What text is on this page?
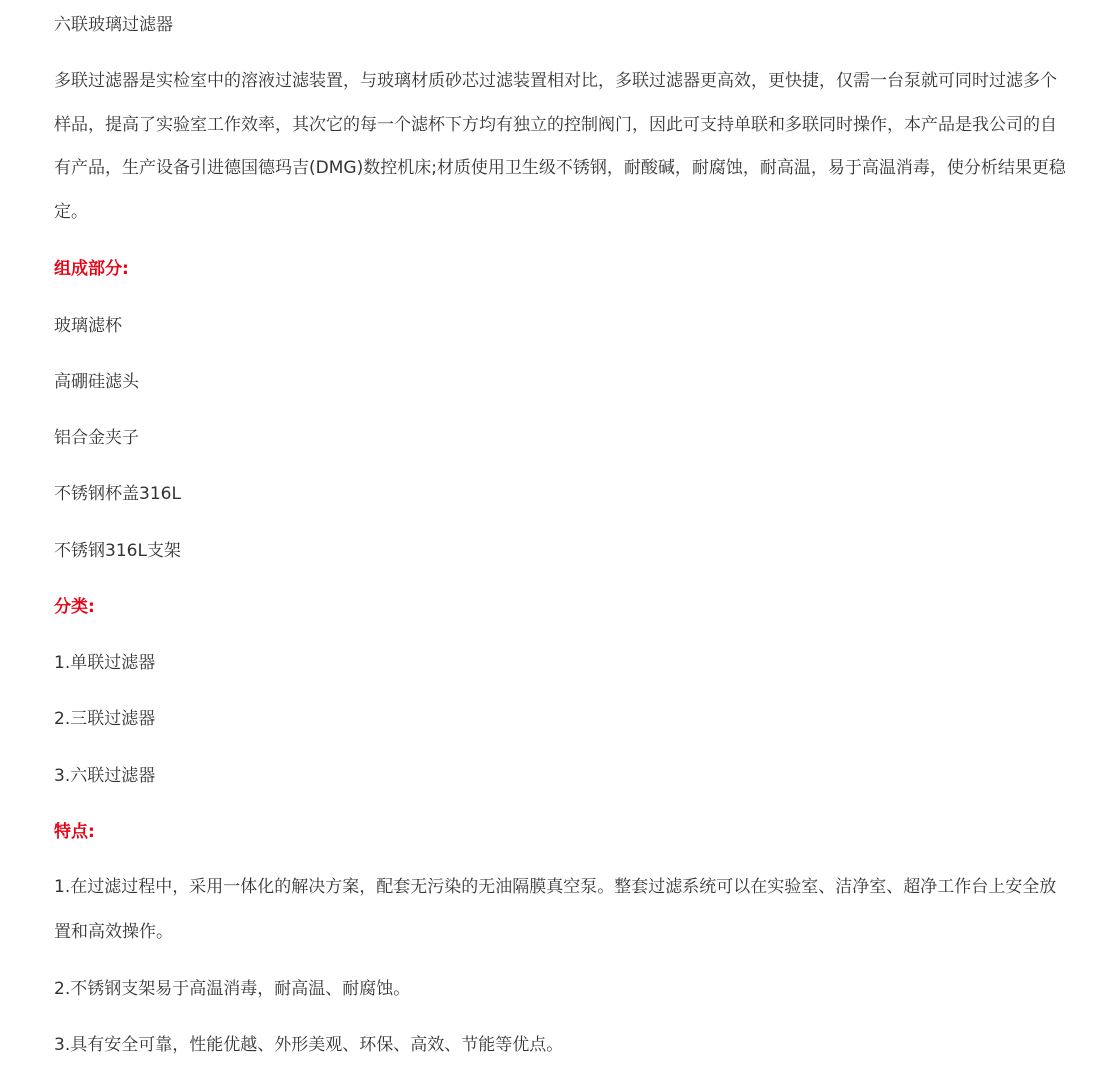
六联玻璃过滤器
多联过滤器是实检室中的溶液过滤装置，与玻璃材质砂芯过滤装置相对比，多联过滤器更高效，更快捷，仅需一台泵就可同时过滤多个样品，提高了实验室工作效率，其次它的每一个滤杯下方均有独立的控制阀门，因此可支持单联和多联同时操作，本产品是我公司的自有产品，生产设备引进德国德玛吉(DMG)数控机床;材质使用卫生级不锈钢，耐酸碱，耐腐蚀，耐高温，易于高温消毒，使分析结果更稳定。
组成部分:
玻璃滤杯
高硼硅滤头
铝合金夹子
不锈钢杯盖316L
不锈钢316L支架
分类:
1.单联过滤器
2.三联过滤器
3.六联过滤器
特点:
1.在过滤过程中，采用一体化的解决方案，配套无污染的无油隔膜真空泵。整套过滤系统可以在实验室、洁净室、超净工作台上安全放置和高效操作。
2.不锈钢支架易于高温消毒，耐高温、耐腐蚀。
3.具有安全可靠，性能优越、外形美观、环保、高效、节能等优点。
